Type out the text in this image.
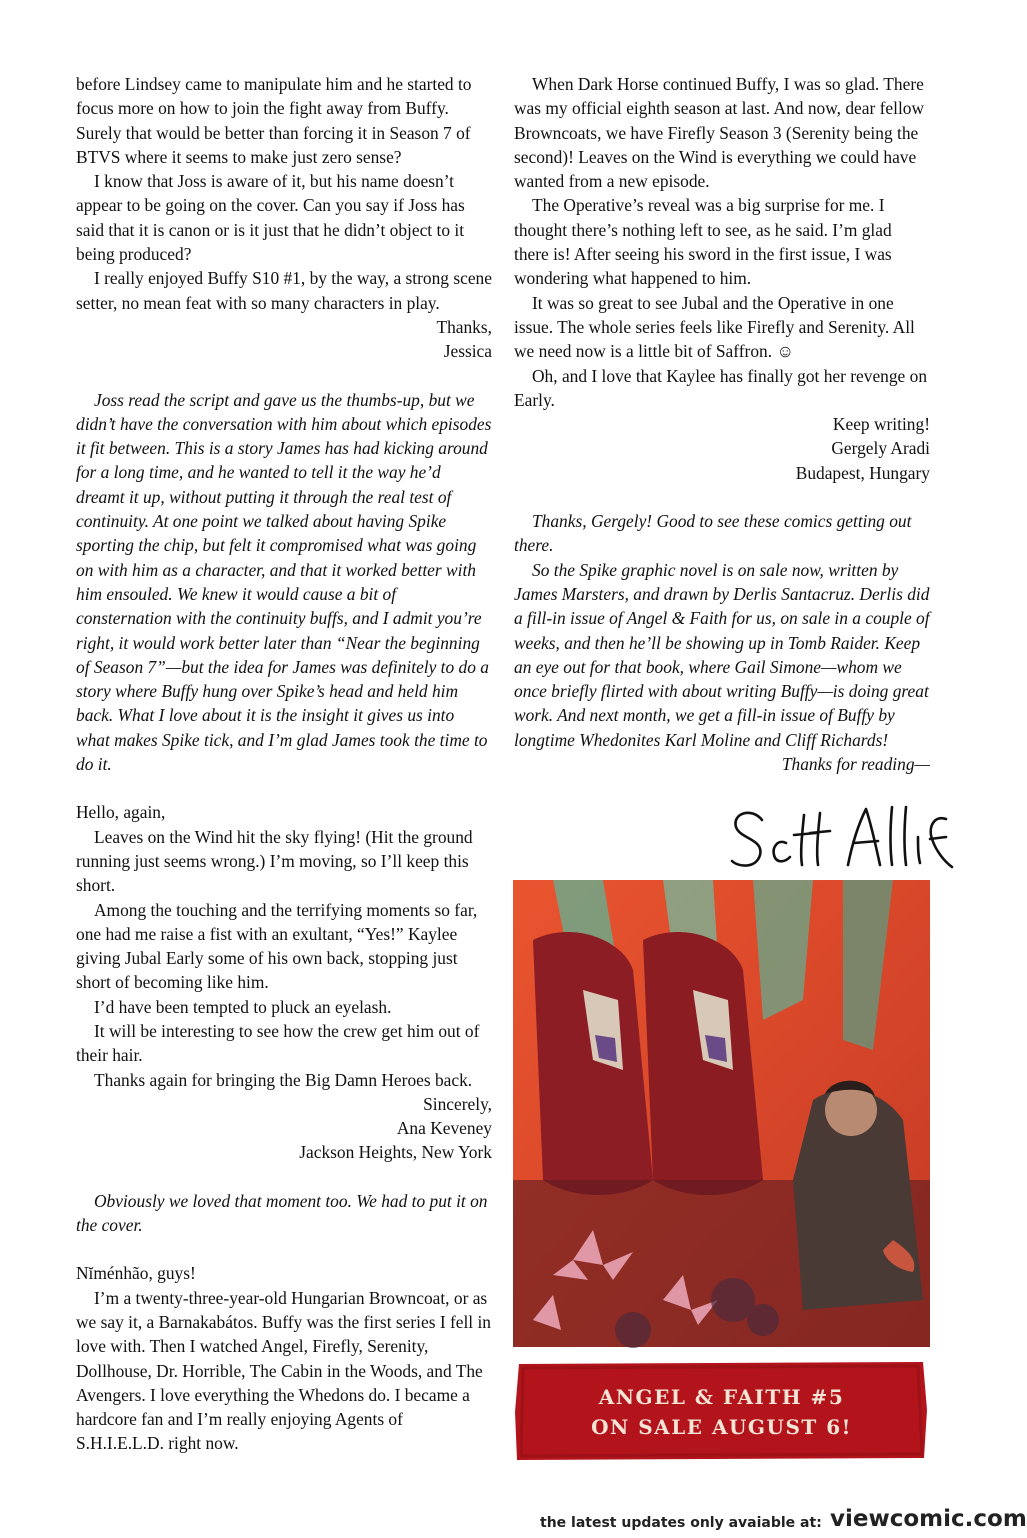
before Lindsey came to manipulate him and he started to focus more on how to join the fight away from Buffy. Surely that would be better than forcing it in Season 7 of BTVS where it seems to make just zero sense?

I know that Joss is aware of it, but his name doesn’t appear to be going on the cover. Can you say if Joss has said that it is canon or is it just that he didn’t object to it being produced?

I really enjoyed Buffy S10 #1, by the way, a strong scene setter, no mean feat with so many characters in play.

Thanks,

Jessica

Joss read the script and gave us the thumbs-up, but we didn’t have the conversation with him about which episodes it fit between. This is a story James has had kicking around for a long time, and he wanted to tell it the way he’d dreamt it up, without putting it through the real test of continuity. At one point we talked about having Spike sporting the chip, but felt it compromised what was going on with him as a character, and that it worked better with him ensouled. We knew it would cause a bit of consternation with the continuity buffs, and I admit you’re right, it would work better later than “Near the beginning of Season 7”—but the idea for James was definitely to do a story where Buffy hung over Spike’s head and held him back. What I love about it is the insight it gives us into what makes Spike tick, and I’m glad James took the time to do it.

Hello, again,

Leaves on the Wind hit the sky flying! (Hit the ground running just seems wrong.) I’m moving, so I’ll keep this short.

Among the touching and the terrifying moments so far, one had me raise a fist with an exultant, “Yes!” Kaylee giving Jubal Early some of his own back, stopping just short of becoming like him.

I’d have been tempted to pluck an eyelash.

It will be interesting to see how the crew get him out of their hair.

Thanks again for bringing the Big Damn Heroes back.

Sincerely,

Ana Keveney

Jackson Heights, New York

Obviously we loved that moment too. We had to put it on the cover.

Nĭménhão, guys!

I’m a twenty-three-year-old Hungarian Browncoat, or as we say it, a Barnakabátos. Buffy was the first series I fell in love with. Then I watched Angel, Firefly, Serenity, Dollhouse, Dr. Horrible, The Cabin in the Woods, and The Avengers. I love everything the Whedons do. I became a hardcore fan and I’m really enjoying Agents of S.H.I.E.L.D. right now.

When Dark Horse continued Buffy, I was so glad. There was my official eighth season at last. And now, dear fellow Browncoats, we have Firefly Season 3 (Serenity being the second)! Leaves on the Wind is everything we could have wanted from a new episode.

The Operative’s reveal was a big surprise for me. I thought there’s nothing left to see, as he said. I’m glad there is! After seeing his sword in the first issue, I was wondering what happened to him.

It was so great to see Jubal and the Operative in one issue. The whole series feels like Firefly and Serenity. All we need now is a little bit of Saffron. ☺

Oh, and I love that Kaylee has finally got her revenge on Early.

Keep writing!

Gergely Aradi

Budapest, Hungary

Thanks, Gergely! Good to see these comics getting out there.

So the Spike graphic novel is on sale now, written by James Marsters, and drawn by Derlis Santacruz. Derlis did a fill-in issue of Angel & Faith for us, on sale in a couple of weeks, and then he’ll be showing up in Tomb Raider. Keep an eye out for that book, where Gail Simone—whom we once briefly flirted with about writing Buffy—is doing great work. And next month, we get a fill-in issue of Buffy by longtime Whedonites Karl Moline and Cliff Richards!

Thanks for reading—

ANGEL & FAITH #5
ON SALE AUGUST 6!
the latest updates only avaiable at: viewcomic.com
